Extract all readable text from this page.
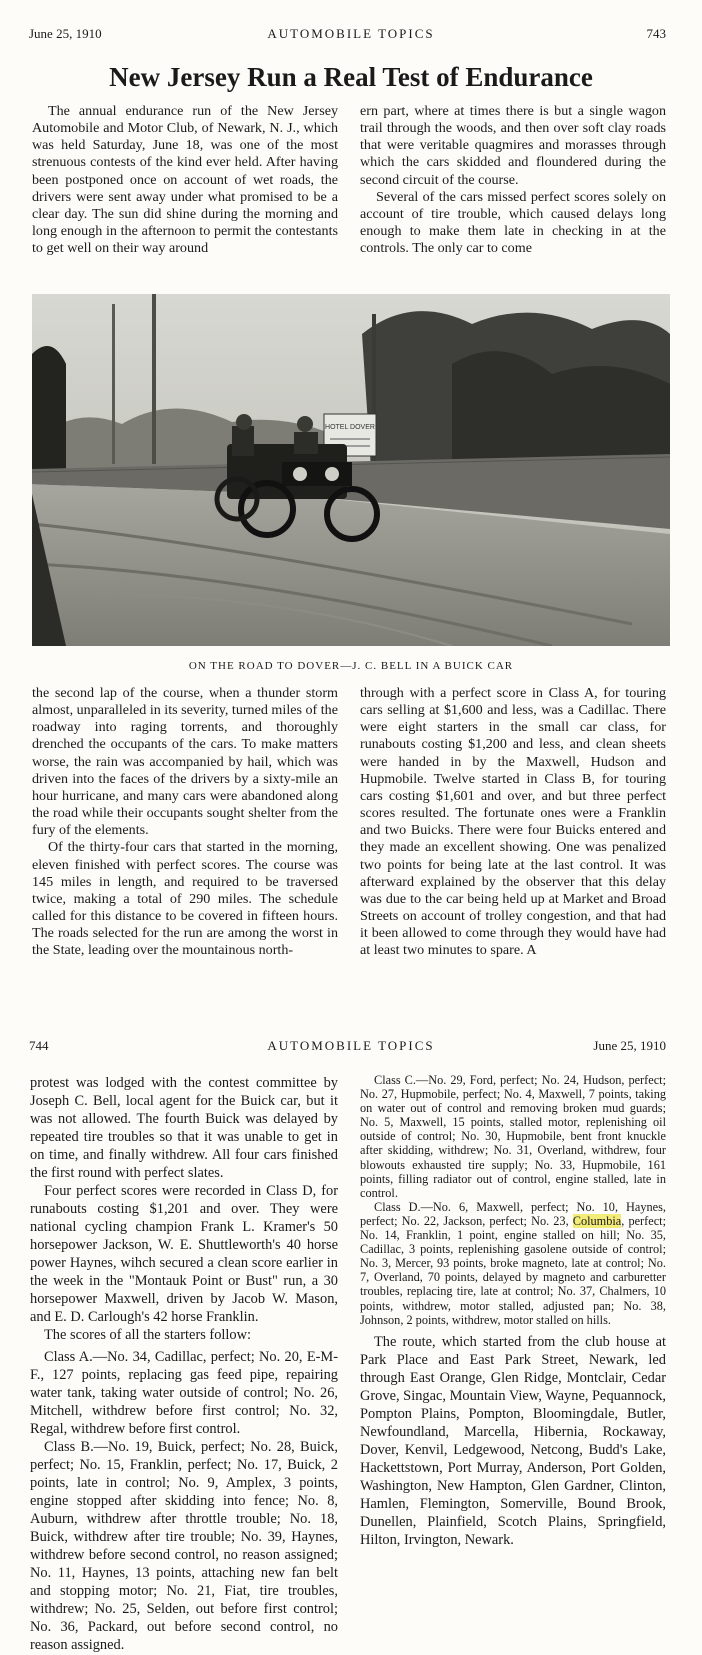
June 25, 1910	AUTOMOBILE TOPICS	743
New Jersey Run a Real Test of Endurance

The annual endurance run of the New Jersey Automobile and Motor Club, of Newark, N. J., which was held Saturday, June 18, was one of the most strenuous contests of the kind ever held. After having been postponed once on account of wet roads, the drivers were sent away under what promised to be a clear day. The sun did shine during the morning and long enough in the afternoon to permit the contestants to get well on their way around

ern part, where at times there is but a single wagon trail through the woods, and then over soft clay roads that were veritable quagmires and morasses through which the cars skidded and floundered during the second circuit of the course.

Several of the cars missed perfect scores solely on account of tire trouble, which caused delays long enough to make them late in checking in at the controls. The only car to come

HOTEL DOVER
ON THE ROAD TO DOVER—J. C. BELL IN A BUICK CAR

the second lap of the course, when a thunder storm almost, unparalleled in its severity, turned miles of the roadway into raging torrents, and thoroughly drenched the occupants of the cars. To make matters worse, the rain was accompanied by hail, which was driven into the faces of the drivers by a sixty-mile an hour hurricane, and many cars were abandoned along the road while their occupants sought shelter from the fury of the elements.

Of the thirty-four cars that started in the morning, eleven finished with perfect scores. The course was 145 miles in length, and required to be traversed twice, making a total of 290 miles. The schedule called for this distance to be covered in fifteen hours. The roads selected for the run are among the worst in the State, leading over the mountainous north-

through with a perfect score in Class A, for touring cars selling at $1,600 and less, was a Cadillac. There were eight starters in the small car class, for runabouts costing $1,200 and less, and clean sheets were handed in by the Maxwell, Hudson and Hupmobile. Twelve started in Class B, for touring cars costing $1,601 and over, and but three perfect scores resulted. The fortunate ones were a Franklin and two Buicks. There were four Buicks entered and they made an excellent showing. One was penalized two points for being late at the last control. It was afterward explained by the observer that this delay was due to the car being held up at Market and Broad Streets on account of trolley congestion, and that had it been allowed to come through they would have had at least two minutes to spare. A

744	AUTOMOBILE TOPICS	June 25, 1910

protest was lodged with the contest committee by Joseph C. Bell, local agent for the Buick car, but it was not allowed. The fourth Buick was delayed by repeated tire troubles so that it was unable to get in on time, and finally withdrew. All four cars finished the first round with perfect slates.

Four perfect scores were recorded in Class D, for runabouts costing $1,201 and over. They were national cycling champion Frank L. Kramer's 50 horsepower Jackson, W. E. Shuttleworth's 40 horse power Haynes, wihch secured a clean score earlier in the week in the "Montauk Point or Bust" run, a 30 horsepower Maxwell, driven by Jacob W. Mason, and E. D. Carlough's 42 horse Franklin.

The scores of all the starters follow:

Class A.—No. 34, Cadillac, perfect; No. 20, E-M-F., 127 points, replacing gas feed pipe, repairing water tank, taking water outside of control; No. 26, Mitchell, withdrew before first control; No. 32, Regal, withdrew before first control.

Class B.—No. 19, Buick, perfect; No. 28, Buick, perfect; No. 15, Franklin, perfect; No. 17, Buick, 2 points, late in control; No. 9, Amplex, 3 points, engine stopped after skidding into fence; No. 8, Auburn, withdrew after throttle trouble; No. 18, Buick, withdrew after tire trouble; No. 39, Haynes, withdrew before second control, no reason assigned; No. 11, Haynes, 13 points, attaching new fan belt and stopping motor; No. 21, Fiat, tire troubles, withdrew; No. 25, Selden, out before first control; No. 36, Packard, out before second control, no reason assigned.

Class C.—No. 29, Ford, perfect; No. 24, Hudson, perfect; No. 27, Hupmobile, perfect; No. 4, Maxwell, 7 points, taking on water out of control and removing broken mud guards; No. 5, Maxwell, 15 points, stalled motor, replenishing oil outside of control; No. 30, Hupmobile, bent front knuckle after skidding, withdrew; No. 31, Overland, withdrew, four blowouts exhausted tire supply; No. 33, Hupmobile, 161 points, filling radiator out of control, engine stalled, late in control.

Class D.—No. 6, Maxwell, perfect; No. 10, Haynes, perfect; No. 22, Jackson, perfect; No. 23, Columbia, perfect; No. 14, Franklin, 1 point, engine stalled on hill; No. 35, Cadillac, 3 points, replenishing gasolene outside of control; No. 3, Mercer, 93 points, broke magneto, late at control; No. 7, Overland, 70 points, delayed by magneto and carburetter troubles, replacing tire, late at control; No. 37, Chalmers, 10 points, withdrew, motor stalled, adjusted pan; No. 38, Johnson, 2 points, withdrew, motor stalled on hills.

The route, which started from the club house at Park Place and East Park Street, Newark, led through East Orange, Glen Ridge, Montclair, Cedar Grove, Singac, Mountain View, Wayne, Pequannock, Pompton Plains, Pompton, Bloomingdale, Butler, Newfoundland, Marcella, Hibernia, Rockaway, Dover, Kenvil, Ledgewood, Netcong, Budd's Lake, Hackettstown, Port Murray, Anderson, Port Golden, Washington, New Hampton, Glen Gardner, Clinton, Hamlen, Flemington, Somerville, Bound Brook, Dunellen, Plainfield, Scotch Plains, Springfield, Hilton, Irvington, Newark.
